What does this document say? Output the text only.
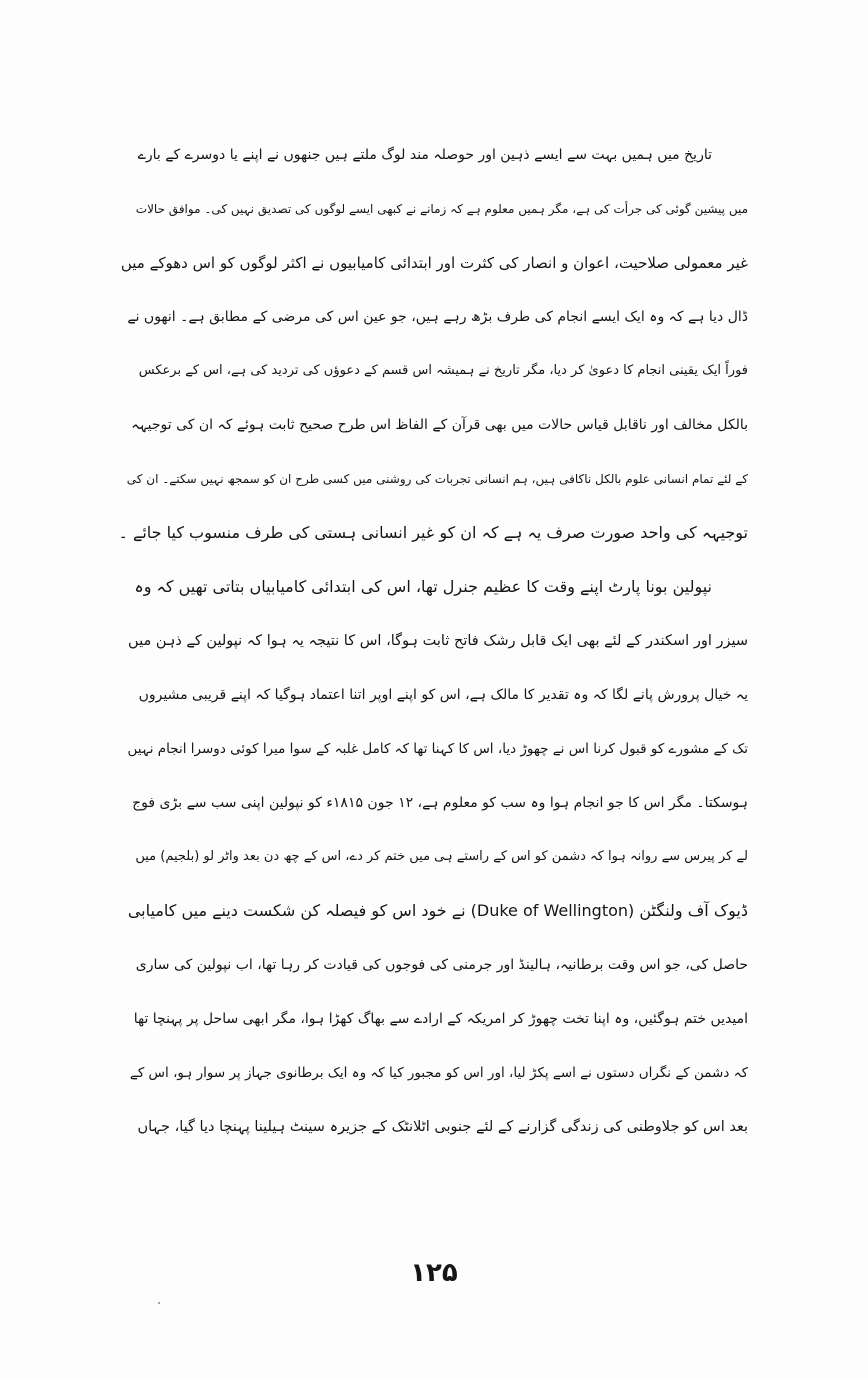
تاریخ میں ہمیں بہت سے ایسے ذہین اور حوصلہ مند لوگ ملتے ہیں جنھوں نے اپنے یا دوسرے کے بارے
میں پیشین گوئی کی جرأت کی ہے، مگر ہمیں معلوم ہے کہ زمانے نے کبھی ایسے لوگوں کی تصدیق نہیں کی۔ موافق حالات
غیر معمولی صلاحیت، اعوان و انصار کی کثرت اور ابتدائی کامیابیوں نے اکثر لوگوں کو اس دھوکے میں
ڈال دیا ہے کہ وہ ایک ایسے انجام کی طرف بڑھ رہے ہیں، جو عین اس کی مرضی کے مطابق ہے۔ انھوں نے
فوراً ایک یقینی انجام کا دعویٰ کر دیا، مگر تاریخ نے ہمیشہ اس قسم کے دعوؤں کی تردید کی ہے، اس کے برعکس
بالکل مخالف اور ناقابل قیاس حالات میں بھی قرآن کے الفاظ اس طرح صحیح ثابت ہوئے کہ ان کی توجیہہ
کے لئے تمام انسانی علوم بالکل ناکافی ہیں، ہم انسانی تجربات کی روشنی میں کسی طرح ان کو سمجھ نہیں سکتے۔ ان کی
توجیہہ کی واحد صورت صرف یہ ہے کہ ان کو غیر انسانی ہستی کی طرف منسوب کیا جائے ۔
نپولین بونا پارٹ اپنے وقت کا عظیم جنرل تھا، اس کی ابتدائی کامیابیاں بتاتی تھیں کہ وہ
سیزر اور اسکندر کے لئے بھی ایک قابل رشک فاتح ثابت ہوگا، اس کا نتیجہ یہ ہوا کہ نپولین کے ذہن میں
یہ خیال پرورش پانے لگا کہ وہ تقدیر کا مالک ہے، اس کو اپنے اوپر اتنا اعتماد ہوگیا کہ اپنے قریبی مشیروں
تک کے مشورے کو قبول کرنا اس نے چھوڑ دیا، اس کا کہنا تھا کہ کامل غلبہ کے سوا میرا کوئی دوسرا انجام نہیں
ہوسکتا۔ مگر اس کا جو انجام ہوا وہ سب کو معلوم ہے، ۱۲ جون ۱۸۱۵ء کو نپولین اپنی سب سے بڑی فوج
لے کر پیرس سے روانہ ہوا کہ دشمن کو اس کے راستے ہی میں ختم کر دے، اس کے چھ دن بعد واٹر لو (بلجیم) میں
ڈیوک آف ولنگٹن (Duke of Wellington) نے خود اس کو فیصلہ کن شکست دینے میں کامیابی
حاصل کی، جو اس وقت برطانیہ، ہالینڈ اور جرمنی کی فوجوں کی قیادت کر رہا تھا، اب نپولین کی ساری
امیدیں ختم ہوگئیں، وہ اپنا تخت چھوڑ کر امریکہ کے ارادے سے بھاگ کھڑا ہوا، مگر ابھی ساحل پر پہنچا تھا
کہ دشمن کے نگراں دستوں نے اسے پکڑ لیا، اور اس کو مجبور کیا کہ وہ ایک برطانوی جہاز پر سوار ہو، اس کے
بعد اس کو جلاوطنی کی زندگی گزارنے کے لئے جنوبی اٹلانٹک کے جزیرہ سینٹ ہیلینا پہنچا دیا گیا، جہاں
۱۲۵
